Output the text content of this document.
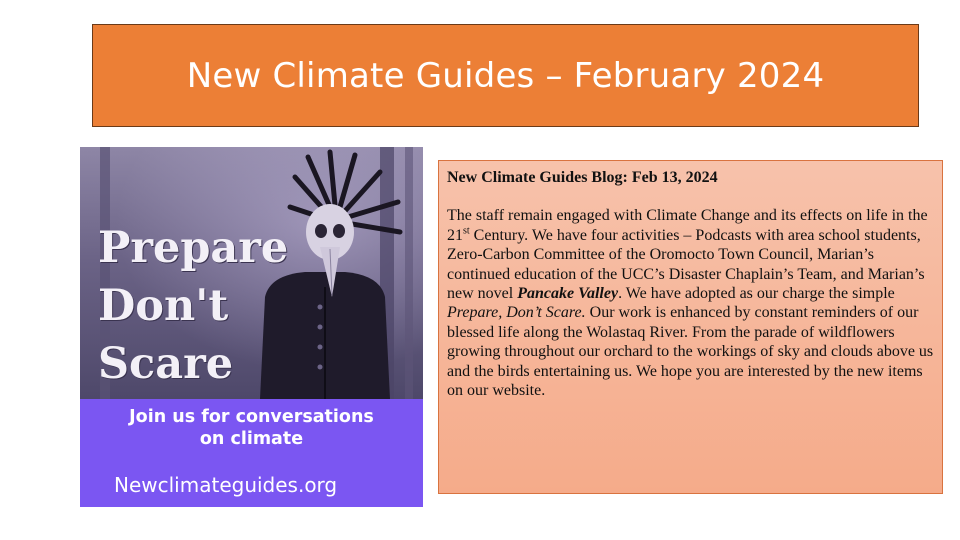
New Climate Guides – February 2024
Prepare
Don't
Scare
Join us for conversations
on climate
Newclimateguides.org
New Climate Guides Blog: Feb 13, 2024

The staff remain engaged with Climate Change and its effects on life in the 21st Century. We have four activities – Podcasts with area school students, Zero-Carbon Committee of the Oromocto Town Council, Marian’s continued education of the UCC’s Disaster Chaplain’s Team, and Marian’s new novel Pancake Valley. We have adopted as our charge the simple Prepare, Don’t Scare. Our work is enhanced by constant reminders of our blessed life along the Wolastaq River. From the parade of wildflowers growing throughout our orchard to the workings of sky and clouds above us and the birds entertaining us. We hope you are interested by the new items on our website.
